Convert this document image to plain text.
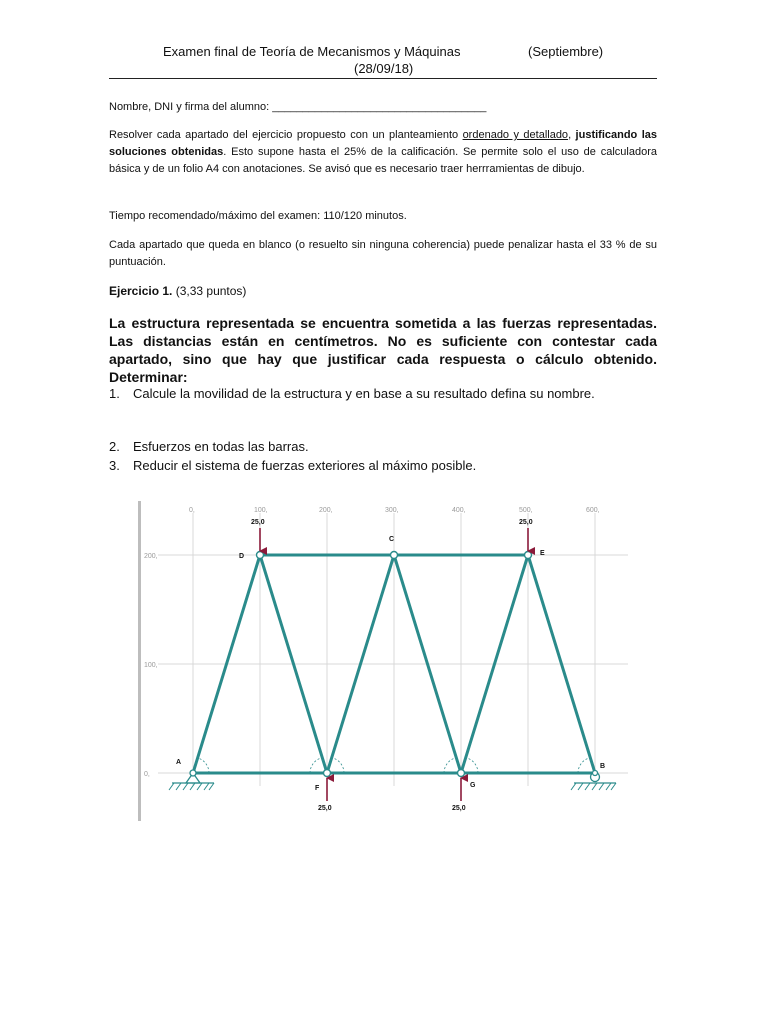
Examen final de Teoría de Mecanismos y Máquinas	(Septiembre)
(28/09/18)
Nombre, DNI y firma del alumno: ___________________________________
Resolver cada apartado del ejercicio propuesto con un planteamiento ordenado y detallado, justificando las soluciones obtenidas. Esto supone hasta el 25% de la calificación. Se permite solo el uso de calculadora básica y de un folio A4 con anotaciones. Se avisó que es necesario traer herrramientas de dibujo.
Tiempo recomendado/máximo del examen: 110/120 minutos.
Cada apartado que queda en blanco (o resuelto sin ninguna coherencia) puede penalizar hasta el 33 % de su puntuación.
Ejercicio 1. (3,33 puntos)
La estructura representada se encuentra sometida a las fuerzas representadas. Las distancias están en centímetros. No es suficiente con contestar cada apartado, sino que hay que justificar cada respuesta o cálculo obtenido. Determinar:
1. Calcule la movilidad de la estructura y en base a su resultado defina su nombre.
2. Esfuerzos en todas las barras.
3. Reducir el sistema de fuerzas exteriores al máximo posible.
0,	100,	200,	300,	400,	500,	600,
200,
100,
0,
25,0	25,0
25,0	25,0
A
B
C
D	E
F	G
